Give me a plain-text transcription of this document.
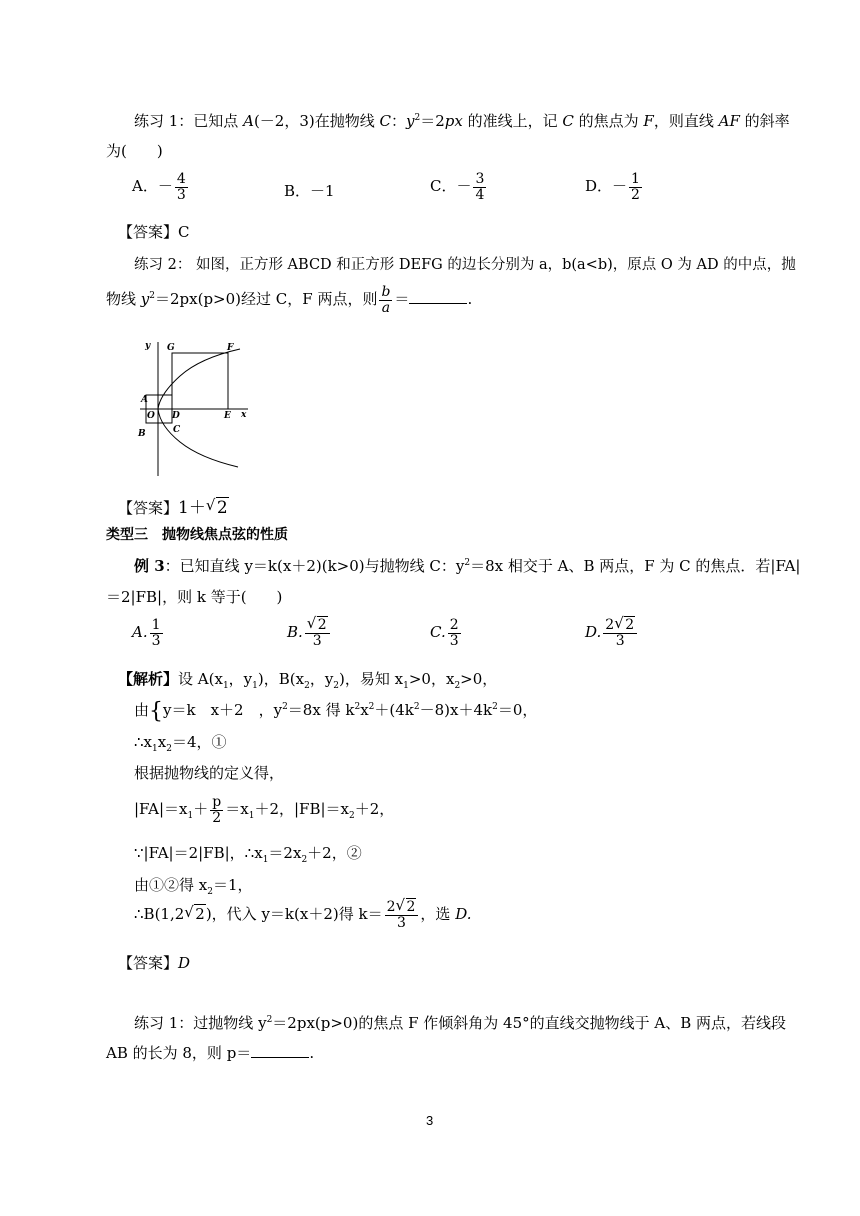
练习 1：已知点 A(－2，3)在抛物线 C：$y^2=2px$ 的准线上，记 C 的焦点为 F，则直线 AF 的斜率
为(　　)
A．－ $\frac{4}{3}$	B．－1	C．－ $\frac{3}{4}$	D．－ $\frac{1}{2}$
【答案】C
练习 2： 如图，正方形 ABCD 和正方形 DEFG 的边长分别为 a，b(a<b)，原点 O 为 AD 的中点，抛
物线 $y^2=2px(p>0)$经过 C，F 两点，则 $\frac{b}{a}$ ＝	.
y G	F
A
O D	E x
B	C
【答案】1＋ √ 2
类型三　抛物线焦点弦的性质
例 3：已知直线 y＝k(x＋2)(k>0)与抛物线 C：$y^2=8x$ 相交于 A、B 两点，F 为 C 的焦点．若|FA|
＝2|FB|，则 k 等于(　　)
A. $\frac{1}{3}$	B. $\frac{√ 2}{3}$	C. $\frac{2}{3}$	D. $\frac{2 √ 2}{3}$
【解析】设 $A(x_1$，$y_1$)，$B(x_2$，$y_2$)，易知 $x_1>0$，$x_2>0$，
由{y＝k　x＋2　，$y^2=8x$ 得 $k^2x^2+(4k^2-8)x+4k^2=0$，
$\therefore x_1x_2=4$，①
根据抛物线的定义得，
$|FA|=x_1+ \frac{p}{2} =x_1+2$，$|FB|=x_2+2$，
∵|FA|＝2|FB|，$\therefore x_1=2x_2+2$，②
由①②得 $x_2=1$，
∴B(1,2 √ 2)，代入 y＝k(x＋2)得 $k= \frac{2 √ 2}{3}$ ，选 D.
【答案】D
练习 1：过抛物线 $y^2=2px(p>0)$的焦点 F 作倾斜角为 45°的直线交抛物线于 A、B 两点，若线段
AB 的长为 8，则 p＝	.
3
